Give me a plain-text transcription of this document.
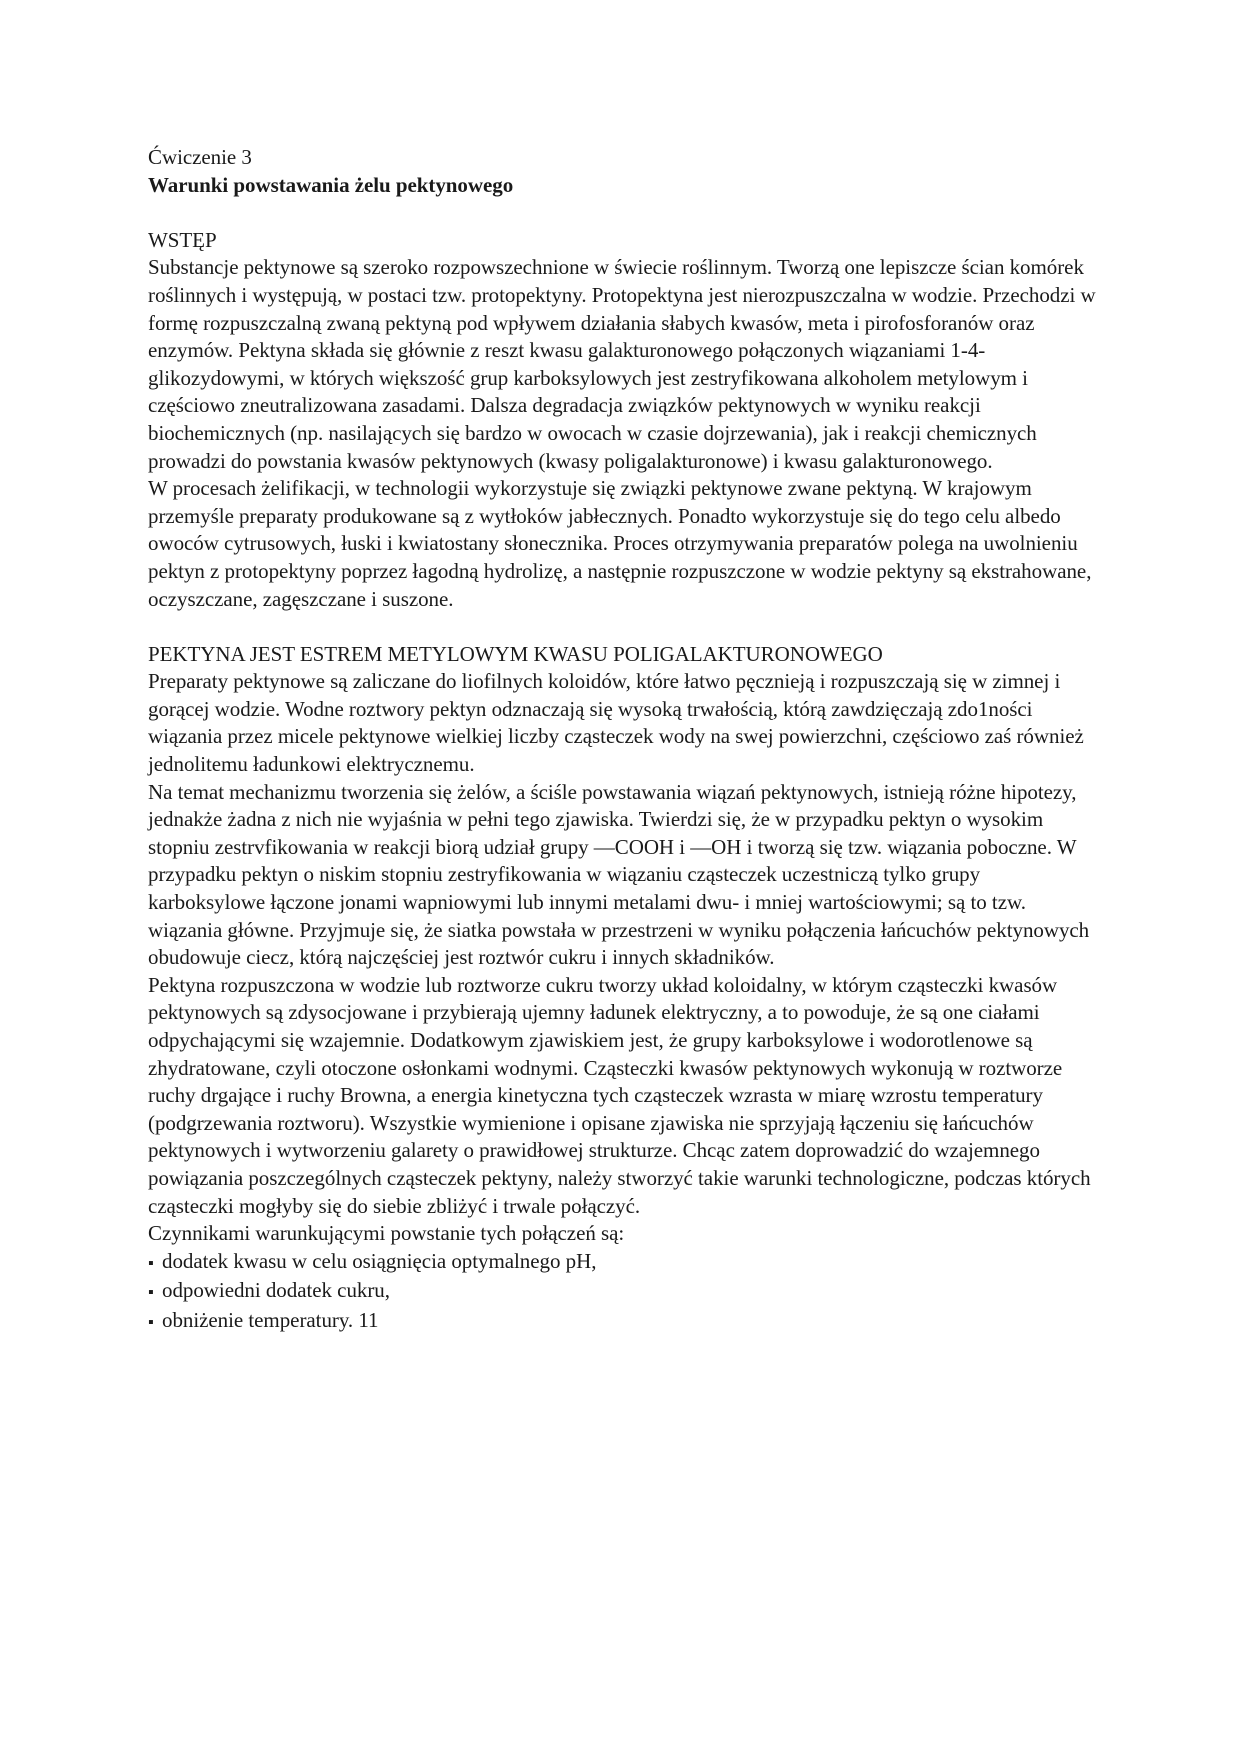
Ćwiczenie 3

Warunki powstawania żelu pektynowego

WSTĘP

Substancje pektynowe są szeroko rozpowszechnione w świecie roślinnym. Tworzą one lepiszcze ścian komórek roślinnych i występują, w postaci tzw. protopektyny. Protopektyna jest nierozpuszczalna w wodzie. Przechodzi w formę rozpuszczalną zwaną pektyną pod wpływem działania słabych kwasów, meta i pirofosforanów oraz enzymów. Pektyna składa się głównie z reszt kwasu galakturonowego połączonych wiązaniami 1-4-glikozydowymi, w których większość grup karboksylowych jest zestryfikowana alkoholem metylowym i częściowo zneutralizowana zasadami. Dalsza degradacja związków pektynowych w wyniku reakcji biochemicznych (np. nasilających się bardzo w owocach w czasie dojrzewania), jak i reakcji chemicznych prowadzi do powstania kwasów pektynowych (kwasy poligalakturonowe) i kwasu galakturonowego.

W procesach żelifikacji, w technologii wykorzystuje się związki pektynowe zwane pektyną. W krajowym przemyśle preparaty produkowane są z wytłoków jabłecznych. Ponadto wykorzystuje się do tego celu albedo owoców cytrusowych, łuski i kwiatostany słonecznika. Proces otrzymywania preparatów polega na uwolnieniu pektyn z protopektyny poprzez łagodną hydrolizę, a następnie rozpuszczone w wodzie pektyny są ekstrahowane, oczyszczane, zagęszczane i suszone.

PEKTYNA JEST ESTREM METYLOWYM KWASU POLIGALAKTURONOWEGO

Preparaty pektynowe są zaliczane do liofilnych koloidów, które łatwo pęcznieją i rozpuszczają się w zimnej i gorącej wodzie. Wodne roztwory pektyn odznaczają się wysoką trwałością, którą zawdzięczają zdo1ności wiązania przez micele pektynowe wielkiej liczby cząsteczek wody na swej powierzchni, częściowo zaś również jednolitemu ładunkowi elektrycznemu.

Na temat mechanizmu tworzenia się żelów, a ściśle powstawania wiązań pektynowych, istnieją różne hipotezy, jednakże żadna z nich nie wyjaśnia w pełni tego zjawiska. Twierdzi się, że w przypadku pektyn o wysokim stopniu zestrvfikowania w reakcji biorą udział grupy —COOH i —OH i tworzą się tzw. wiązania poboczne. W przypadku pektyn o niskim stopniu zestryfikowania w wiązaniu cząsteczek uczestniczą tylko grupy karboksylowe łączone jonami wapniowymi lub innymi metalami dwu- i mniej wartościowymi; są to tzw. wiązania główne. Przyjmuje się, że siatka powstała w przestrzeni w wyniku połączenia łańcuchów pektynowych obudowuje ciecz, którą najczęściej jest roztwór cukru i innych składników.

Pektyna rozpuszczona w wodzie lub roztworze cukru tworzy układ koloidalny, w którym cząsteczki kwasów pektynowych są zdysocjowane i przybierają ujemny ładunek elektryczny, a to powoduje, że są one ciałami odpychającymi się wzajemnie. Dodatkowym zjawiskiem jest, że grupy karboksylowe i wodorotlenowe są zhydratowane, czyli otoczone osłonkami wodnymi. Cząsteczki kwasów pektynowych wykonują w roztworze ruchy drgające i ruchy Browna, a energia kinetyczna tych cząsteczek wzrasta w miarę wzrostu temperatury (podgrzewania roztworu). Wszystkie wymienione i opisane zjawiska nie sprzyjają łączeniu się łańcuchów pektynowych i wytworzeniu galarety o prawidłowej strukturze. Chcąc zatem doprowadzić do wzajemnego powiązania poszczególnych cząsteczek pektyny, należy stworzyć takie warunki technologiczne, podczas których cząsteczki mogłyby się do siebie zbliżyć i trwale połączyć.

Czynnikami warunkującymi powstanie tych połączeń są:

▪ dodatek kwasu w celu osiągnięcia optymalnego pH,
▪ odpowiedni dodatek cukru,
▪ obniżenie temperatury. 11
